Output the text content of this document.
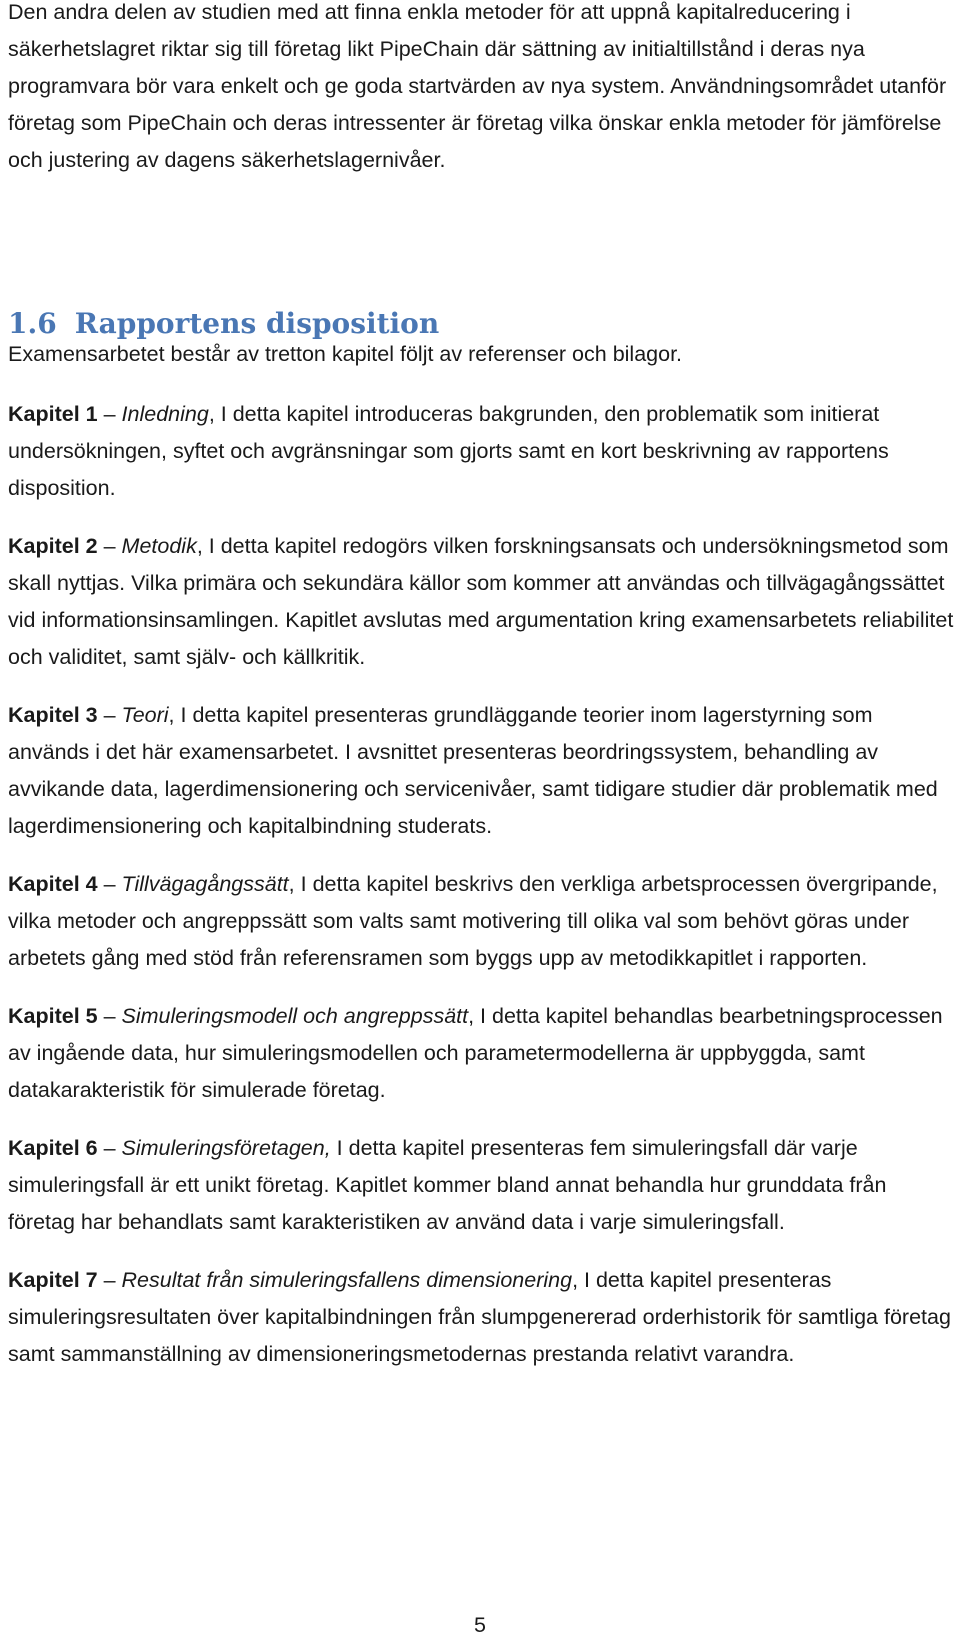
Den andra delen av studien med att finna enkla metoder för att uppnå kapitalreducering i säkerhetslagret riktar sig till företag likt PipeChain där sättning av initialtillstånd i deras nya programvara bör vara enkelt och ge goda startvärden av nya system. Användningsområdet utanför företag som PipeChain och deras intressenter är företag vilka önskar enkla metoder för jämförelse och justering av dagens säkerhetslagernivåer.

1.6 Rapportens disposition

Examensarbetet består av tretton kapitel följt av referenser och bilagor.

Kapitel 1 – Inledning, I detta kapitel introduceras bakgrunden, den problematik som initierat undersökningen, syftet och avgränsningar som gjorts samt en kort beskrivning av rapportens disposition.

Kapitel 2 – Metodik, I detta kapitel redogörs vilken forskningsansats och undersökningsmetod som skall nyttjas. Vilka primära och sekundära källor som kommer att användas och tillvägagångssättet vid informationsinsamlingen. Kapitlet avslutas med argumentation kring examensarbetets reliabilitet och validitet, samt själv- och källkritik.

Kapitel 3 – Teori, I detta kapitel presenteras grundläggande teorier inom lagerstyrning som används i det här examensarbetet. I avsnittet presenteras beordringssystem, behandling av avvikande data, lagerdimensionering och servicenivåer, samt tidigare studier där problematik med lagerdimensionering och kapitalbindning studerats.

Kapitel 4 – Tillvägagångssätt, I detta kapitel beskrivs den verkliga arbetsprocessen övergripande, vilka metoder och angreppssätt som valts samt motivering till olika val som behövt göras under arbetets gång med stöd från referensramen som byggs upp av metodikkapitlet i rapporten.

Kapitel 5 – Simuleringsmodell och angreppssätt, I detta kapitel behandlas bearbetningsprocessen av ingående data, hur simuleringsmodellen och parametermodellerna är uppbyggda, samt datakarakteristik för simulerade företag.

Kapitel 6 – Simuleringsföretagen, I detta kapitel presenteras fem simuleringsfall där varje simuleringsfall är ett unikt företag. Kapitlet kommer bland annat behandla hur grunddata från företag har behandlats samt karakteristiken av använd data i varje simuleringsfall.

Kapitel 7 – Resultat från simuleringsfallens dimensionering, I detta kapitel presenteras simuleringsresultaten över kapitalbindningen från slumpgenererad orderhistorik för samtliga företag samt sammanställning av dimensioneringsmetodernas prestanda relativt varandra.

5
